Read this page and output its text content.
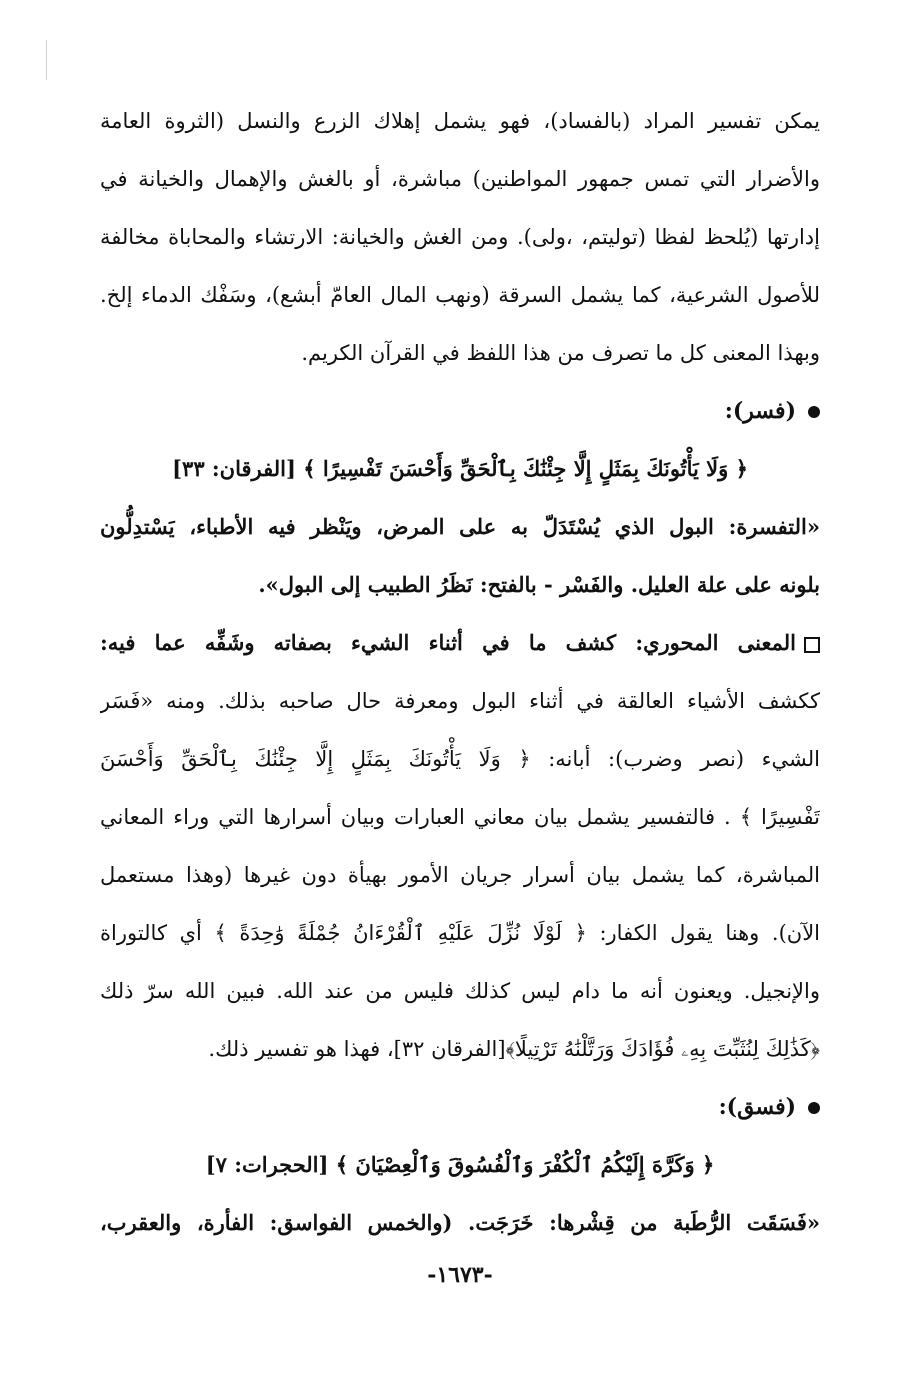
يمكن تفسير المراد (بالفساد)، فهو يشمل إهلاك الزرع والنسل (الثروة العامة
والأضرار التي تمس جمهور المواطنين) مباشرة، أو بالغش والإهمال والخيانة في
إدارتها (يُلحظ لفظا (توليتم، ،ولى). ومن الغش والخيانة: الارتشاء والمحاباة مخالفة
للأصول الشرعية، كما يشمل السرقة (ونهب المال العامّ أبشع)، وسَفْك الدماء إلخ.
وبهذا المعنى كل ما تصرف من هذا اللفظ في القرآن الكريم.
(فسر):
﴿ وَلَا يَأْتُونَكَ بِمَثَلٍ إِلَّا جِئْنَٰكَ بِٱلْحَقِّ وَأَحْسَنَ تَفْسِيرًا ﴾ [الفرقان: ٣٣]
«التفسرة: البول الذي يُسْتَدَلّ به على المرض، ويَنْظر فيه الأطباء، يَسْتدِلُّون
بلونه على علة العليل. والفَسْر - بالفتح: نَظَرُ الطبيب إلى البول».
المعنى المحوري: كشف ما في أثناء الشيء بصفاته وشَفِّه عما فيه:
ككشف الأشياء العالقة في أثناء البول ومعرفة حال صاحبه بذلك. ومنه «فَسَر
الشيء (نصر وضرب): أبانه: ﴿ وَلَا يَأْتُونَكَ بِمَثَلٍ إِلَّا جِئْنَٰكَ بِٱلْحَقِّ وَأَحْسَنَ
تَفْسِيرًا ﴾ . فالتفسير يشمل بيان معاني العبارات وبيان أسرارها التي وراء المعاني
المباشرة، كما يشمل بيان أسرار جريان الأمور بهيأة دون غيرها (وهذا مستعمل
الآن). وهنا يقول الكفار: ﴿ لَوْلَا نُزِّلَ عَلَيْهِ ٱلْقُرْءَانُ جُمْلَةً وَٰحِدَةً ﴾ أي كالتوراة
والإنجيل. ويعنون أنه ما دام ليس كذلك فليس من عند الله. فبين الله سرّ ذلك
﴿كَذَٰلِكَ لِنُثَبِّتَ بِهِۦ فُؤَادَكَ وَرَتَّلْنَٰهُ تَرْتِيلًا﴾[الفرقان ٣٢]، فهذا هو تفسير ذلك.
(فسق):
﴿ وَكَرَّهَ إِلَيْكُمُ ٱلْكُفْرَ وَٱلْفُسُوقَ وَٱلْعِصْيَانَ ﴾ [الحجرات: ٧]
«فَسَقَت الرُّطَبة من قِشْرها: خَرَجَت. (والخمس الفواسق: الفأرة، والعقرب،
-١٦٧٣-
